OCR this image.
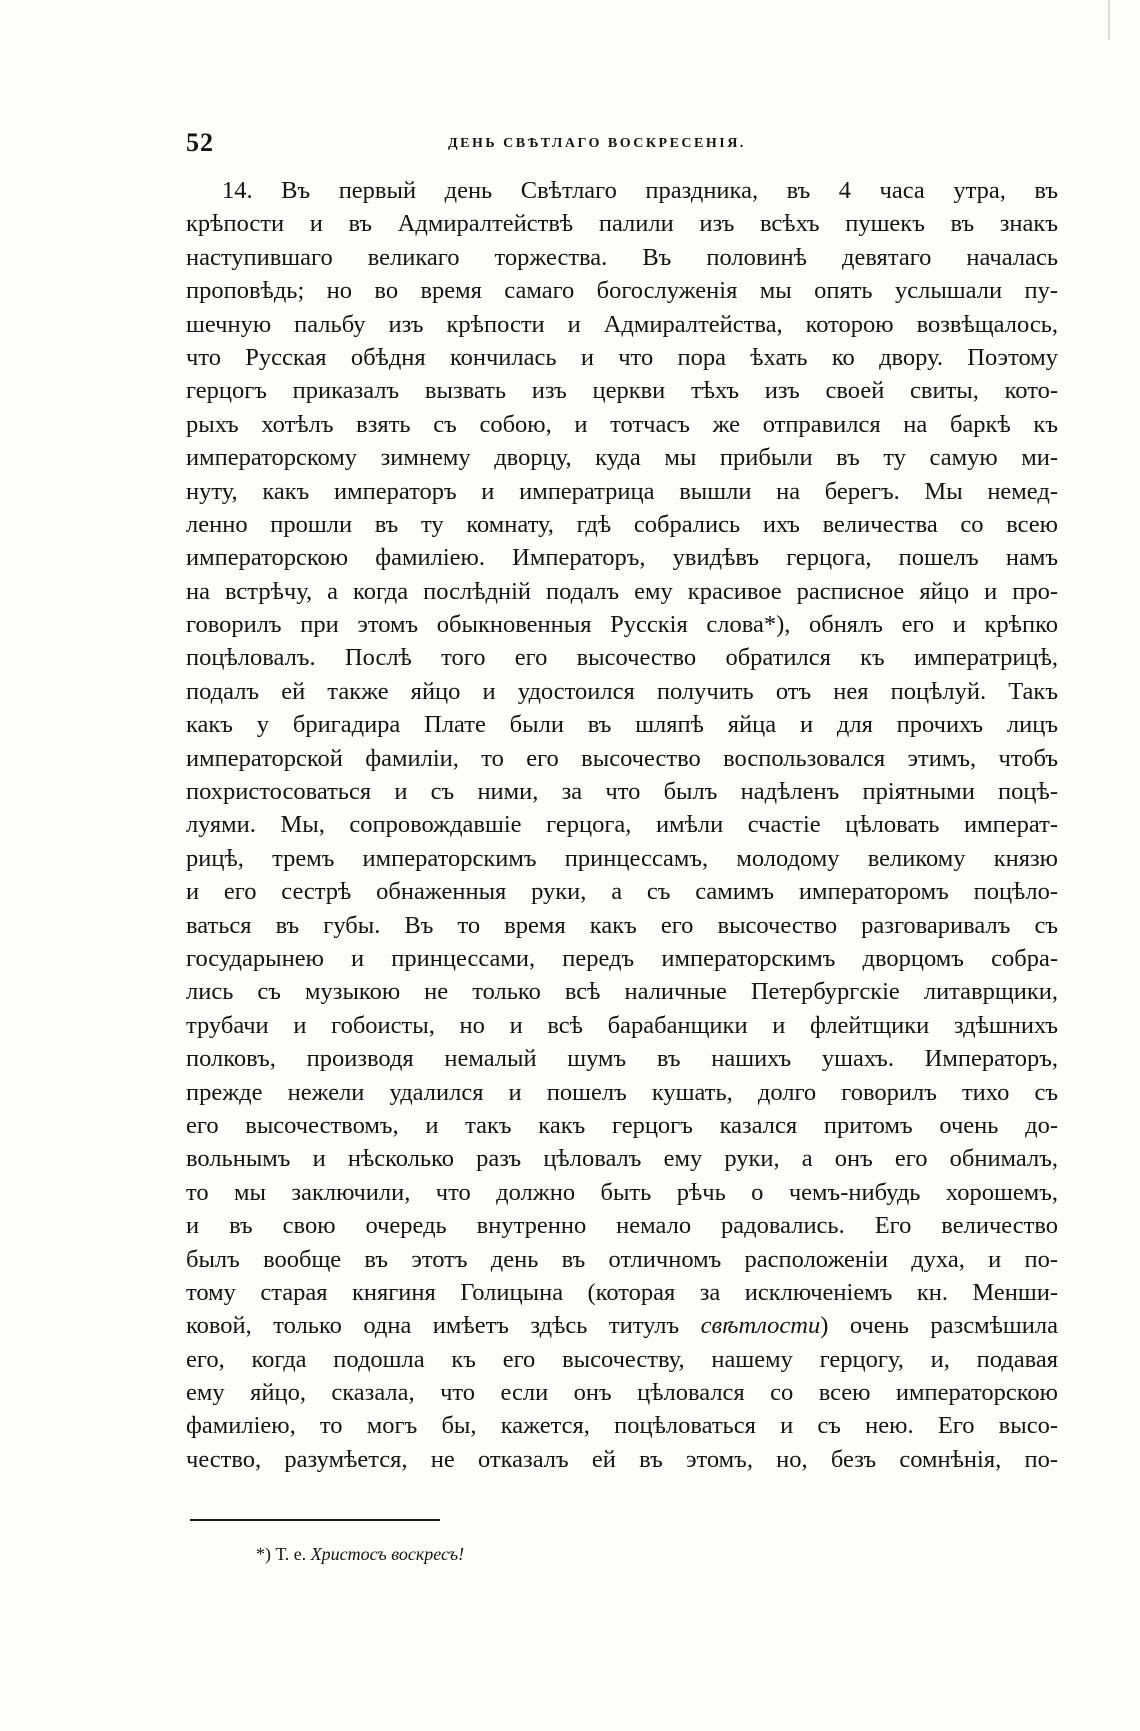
52	ДЕНЬ СВѢТЛАГО ВОСКРЕСЕНІЯ.
14. Въ первый день Свѣтлаго праздника, въ 4 часа утра, въ
крѣпости и въ Адмиралтействѣ палили изъ всѣхъ пушекъ въ знакъ
наступившаго великаго торжества. Въ половинѣ девятаго началась
проповѣдь; но во время самаго богослуженія мы опять услышали пу-
шечную пальбу изъ крѣпости и Адмиралтейства, которою возвѣщалось,
что Русская обѣдня кончилась и что пора ѣхать ко двору. Поэтому
герцогъ приказалъ вызвать изъ церкви тѣхъ изъ своей свиты, кото-
рыхъ хотѣлъ взять съ собою, и тотчасъ же отправился на баркѣ къ
императорскому зимнему дворцу, куда мы прибыли въ ту самую ми-
нуту, какъ императоръ и императрица вышли на берегъ. Мы немед-
ленно прошли въ ту комнату, гдѣ собрались ихъ величества со всею
императорскою фамиліею. Императоръ, увидѣвъ герцога, пошелъ намъ
на встрѣчу, а когда послѣдній подалъ ему красивое расписное яйцо и про-
говорилъ при этомъ обыкновенныя Русскія слова*), обнялъ его и крѣпко
поцѣловалъ. Послѣ того его высочество обратился къ императрицѣ,
подалъ ей также яйцо и удостоился получить отъ нея поцѣлуй. Такъ
какъ у бригадира Плате были въ шляпѣ яйца и для прочихъ лицъ
императорской фамиліи, то его высочество воспользовался этимъ, чтобъ
похристосоваться и съ ними, за что былъ надѣленъ пріятными поцѣ-
луями. Мы, сопровождавшіе герцога, имѣли счастіе цѣловать императ-
рицѣ, тремъ императорскимъ принцессамъ, молодому великому князю
и его сестрѣ обнаженныя руки, а съ самимъ императоромъ поцѣло-
ваться въ губы. Въ то время какъ его высочество разговаривалъ съ
государынею и принцессами, передъ императорскимъ дворцомъ собра-
лись съ музыкою не только всѣ наличные Петербургскіе литаврщики,
трубачи и гобоисты, но и всѣ барабанщики и флейтщики здѣшнихъ
полковъ, производя немалый шумъ въ нашихъ ушахъ. Императоръ,
прежде нежели удалился и пошелъ кушать, долго говорилъ тихо съ
его высочествомъ, и такъ какъ герцогъ казался притомъ очень до-
вольнымъ и нѣсколько разъ цѣловалъ ему руки, а онъ его обнималъ,
то мы заключили, что должно быть рѣчь о чемъ-нибудь хорошемъ,
и въ свою очередь внутренно немало радовались. Его величество
былъ вообще въ этотъ день въ отличномъ расположеніи духа, и по-
тому старая княгиня Голицына (которая за исключеніемъ кн. Менши-
ковой, только одна имѣетъ здѣсь титулъ свѣтлости) очень разсмѣшила
его, когда подошла къ его высочеству, нашему герцогу, и, подавая
ему яйцо, сказала, что если онъ цѣловался со всею императорскою
фамиліею, то могъ бы, кажется, поцѣловаться и съ нею. Его высо-
чество, разумѣется, не отказалъ ей въ этомъ, но, безъ сомнѣнія, по-
*) Т. е. Христосъ воскресъ!
